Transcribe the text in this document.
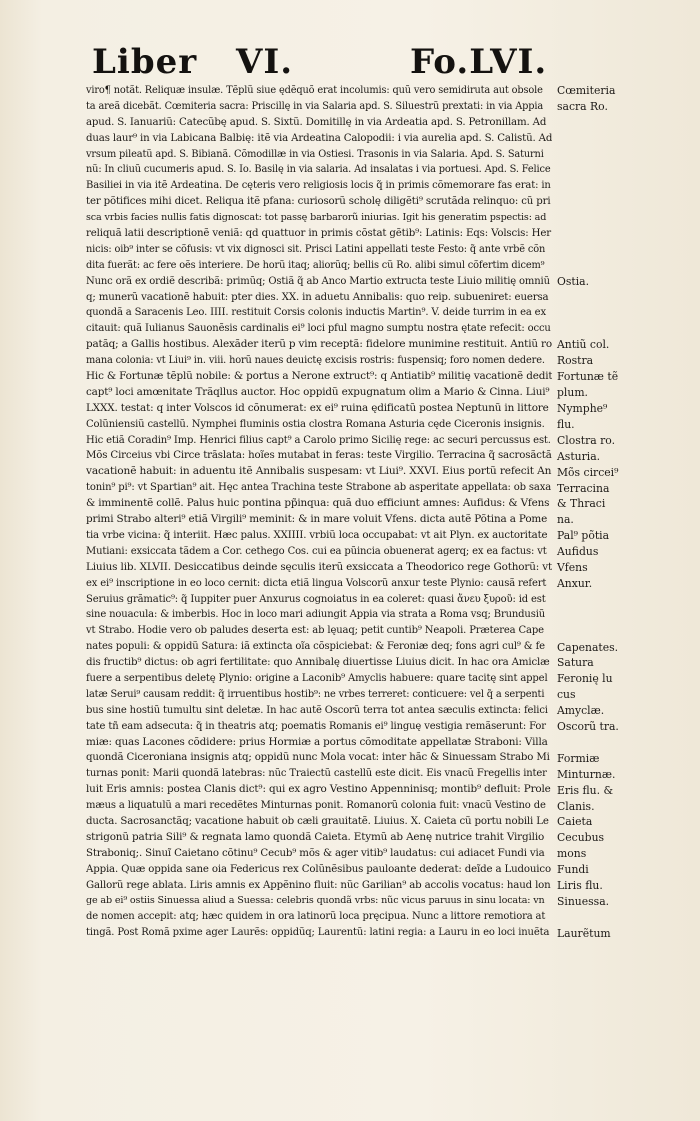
Liber VI.	Fo.LVI.
viro¶ notãt. Reliquæ insulæ. Tẽplũ siue ędẽquõ erat incolumis: quũ vero semidiruta aut obsole
ta areã dicebãt. Cœmiteria sacra: Priscillę in via Salaria apd. S. Siluestrũ prextati: in via Appia
apud. S. Ianuariũ: Catecũbę apud. S. Sixtũ. Domitillę in via Ardeatia apd. S. Petronillam. Ad
duas laur⁹ in via Labicana Balbię: itẽ via Ardeatina Calopodii: i via aurelia apd. S. Calistũ. Ad
vrsum pileatũ apd. S. Bibianã. Cõmodillæ in via Ostiesi. Trasonis in via Salaria. Apd. S. Saturni
nũ: In cliuũ cucumeris apud. S. Io. Basilę in via salaria. Ad insalatas i via portuesi. Apd. S. Felice
Basiliei in via itẽ Ardeatina. De cęteris vero religiosis locis q̃ in primis cõmemorare fas erat: in
ter põtifices mihi dicet. Reliqua itẽ pfana: curiosorũ scholę diligẽti⁹ scrutãda relinquo: cũ pri
sca vrbis facies nullis fatis dignoscat: tot passę barbarorũ iniurias. Igit his generatim pspectis: ad
reliquã latii descriptionẽ veniã: qd quattuor in primis cõstat gẽtib⁹: Latinis: Eqs: Volscis: Her
nicis: oib⁹ inter se cõfusis: vt vix dignosci sit. Prisci Latini appellati teste Festo: q̃ ante vrbẽ cõn
dita fuerãt: ac fere oẽs interiere. De horũ itaq; aliorũq; bellis cũ Ro. alibi simul cõfertim dicem⁹
Nunc orã ex ordiẽ describã: primũq; Ostiã q̃ ab Anco Martio extructa teste Liuio militię omniũ
q; munerũ vacationẽ habuit: pter dies. XX. in aduetu Annibalis: quo reip. subueniret: euersa
quondã a Saracenis Leo. IIII. restituit Corsis colonis inductis Martin⁹. V. deide turrim in ea ex
citauit: quã Iulianus Sauonẽsis cardinalis ei⁹ loci pful magno sumptu nostra ętate refecit: occu
patãq; a Gallis hostibus. Alexãder iterũ p vim receptã: fidelore munimine restituit. Antiũ ro
mana colonia: vt Liui⁹ in. viii. horũ naues deuictę excisis rostris: fuspensiq; foro nomen dedere.
Hic & Fortunæ tẽplũ nobile: & portus a Nerone extruct⁹: q Antiatib⁹ militię vacationẽ dedit
capt⁹ loci amœnitate Trãqllus auctor. Hoc oppidũ expugnatum olim a Mario & Cinna. Liui⁹
LXXX. testat: q inter Volscos id cõnumerat: ex ei⁹ ruina ędificatũ postea Neptunũ in littore
Colũniensiũ castellũ. Nymphei fluminis ostia clostra Romana Asturia cęde Ciceronis insignis.
Hic etiã Coradin⁹ Imp. Henrici filius capt⁹ a Carolo primo Sicilię rege: ac securi percussus est.
Mõs Circeius vbi Circe trãslata: hoĩes mutabat in feras: teste Virgilio. Terracina q̃ sacrosãctã
vacationẽ habuit: in aduentu itẽ Annibalis suspesam: vt Liui⁹. XXVI. Eius portũ refecit An
tonin⁹ pi⁹: vt Spartian⁹ ait. Hęc antea Trachina teste Strabone ab asperitate appellata: ob saxa
& imminentẽ collẽ. Palus huic pontina pp̃inqua: quã duo efficiunt amnes: Aufidus: & Vfens
primi Strabo alteri⁹ etiã Virgili⁹ meminit: & in mare voluit Vfens. dicta autẽ Põtina a Pome
tia vrbe vicina: q̃ interiit. Hæc palus. XXIIII. vrbiũ loca occupabat: vt ait Plyn. ex auctoritate
Mutiani: exsiccata tãdem a Cor. cethego Cos. cui ea pũincia obuenerat agerq; ex ea factus: vt
Liuius lib. XLVII. Desiccatibus deinde sęculis iterũ exsiccata a Theodorico rege Gothorũ: vt
ex ei⁹ inscriptione in eo loco cernit: dicta etiã lingua Volscorũ anxur teste Plynio: causã refert
Seruius grãmatic⁹: q̃ Iuppiter puer Anxurus cognoiatus in ea coleret: quasi ἄνευ ξυροῦ: id est
sine nouacula: & imberbis. Hoc in loco mari adiungit Appia via strata a Roma vsq; Brundusiũ
vt Strabo. Hodie vero ob paludes deserta est: ab lęuaq; petit cuntib⁹ Neapoli. Præterea Cape
nates populi: & oppidũ Satura: iã extincta oĩa cõspiciebat: & Feroniæ deq; fons agri cul⁹ & fe
dis fructib⁹ dictus: ob agri fertilitate: quo Annibalę diuertisse Liuius dicit. In hac ora Amiclæ
fuere a serpentibus deletę Plynio: origine a Laconib⁹ Amyclis habuere: quare tacitę sint appel
latæ Serui⁹ causam reddit: q̃ irruentibus hostib⁹: ne vrbes terreret: conticuere: vel q̃ a serpenti
bus sine hostiũ tumultu sint deletæ. In hac autẽ Oscorũ terra tot antea sæculis extincta: felici
tate tñ eam adsecuta: q̃ in theatris atq; poematis Romanis ei⁹ linguę vestigia remãserunt: For
miæ: quas Lacones cõdidere: prius Hormiæ a portus cõmoditate appellatæ Straboni: Villa
quondã Ciceroniana insignis atq; oppidũ nunc Mola vocat: inter hãc & Sinuessam Strabo Mi
turnas ponit: Marii quondã latebras: nũc Traiectũ castellũ este dicit. Eis vnacũ Fregellis inter
luit Eris amnis: postea Clanis dict⁹: qui ex agro Vestino Appenninisq; montib⁹ defluit: Prole
mæus a liquatulũ a mari recedẽtes Minturnas ponit. Romanorũ colonia fuit: vnacũ Vestino de
ducta. Sacrosanctãq; vacatione habuit ob cæli grauitatẽ. Liuius. X. Caieta cũ portu nobili Le
strigonũ patria Sili⁹ & regnata lamo quondã Caieta. Etymũ ab Aenę nutrice trahit Virgilio
Straboniq;. Sinuĩ Caietano cõtinu⁹ Cecub⁹ mõs & ager vitib⁹ laudatus: cui adiacet Fundi via
Appia. Quæ oppida sane oia Federicus rex Colũnẽsibus pauloante dederat: deĩde a Ludouico
Gallorũ rege ablata. Liris amnis ex Appẽnino fluit: nũc Garilian⁹ ab accolis vocatus: haud lon
ge ab ei⁹ ostiis Sinuessa aliud a Suessa: celebris quondã vrbs: nũc vicus paruus in sinu locata: vn
de nomen accepit: atq; hæc quidem in ora latinorũ loca pręcipua. Nunc a littore remotiora at
tingã. Post Romã pxime ager Laurẽs: oppidũq; Laurentũ: latini regia: a Lauru in eo loci inuẽta
Cœmiteria
sacra Ro.
Ostia.
Antiũ col.
Rostra
Fortunæ tẽ
plum.
Nymphe⁹
flu.
Clostra ro.
Asturia.
Mõs circei⁹
Terracina
& Thraci
na.
Pal⁹ põtia
Aufidus
Vfens
Anxur.
Capenates.
Satura
Feronię lu
cus
Amyclæ.
Oscorũ tra.
Formiæ
Minturnæ.
Eris flu. &
Clanis.
Caieta
Cecubus
mons
Fundi
Liris flu.
Sinuessa.
Laurẽtum
